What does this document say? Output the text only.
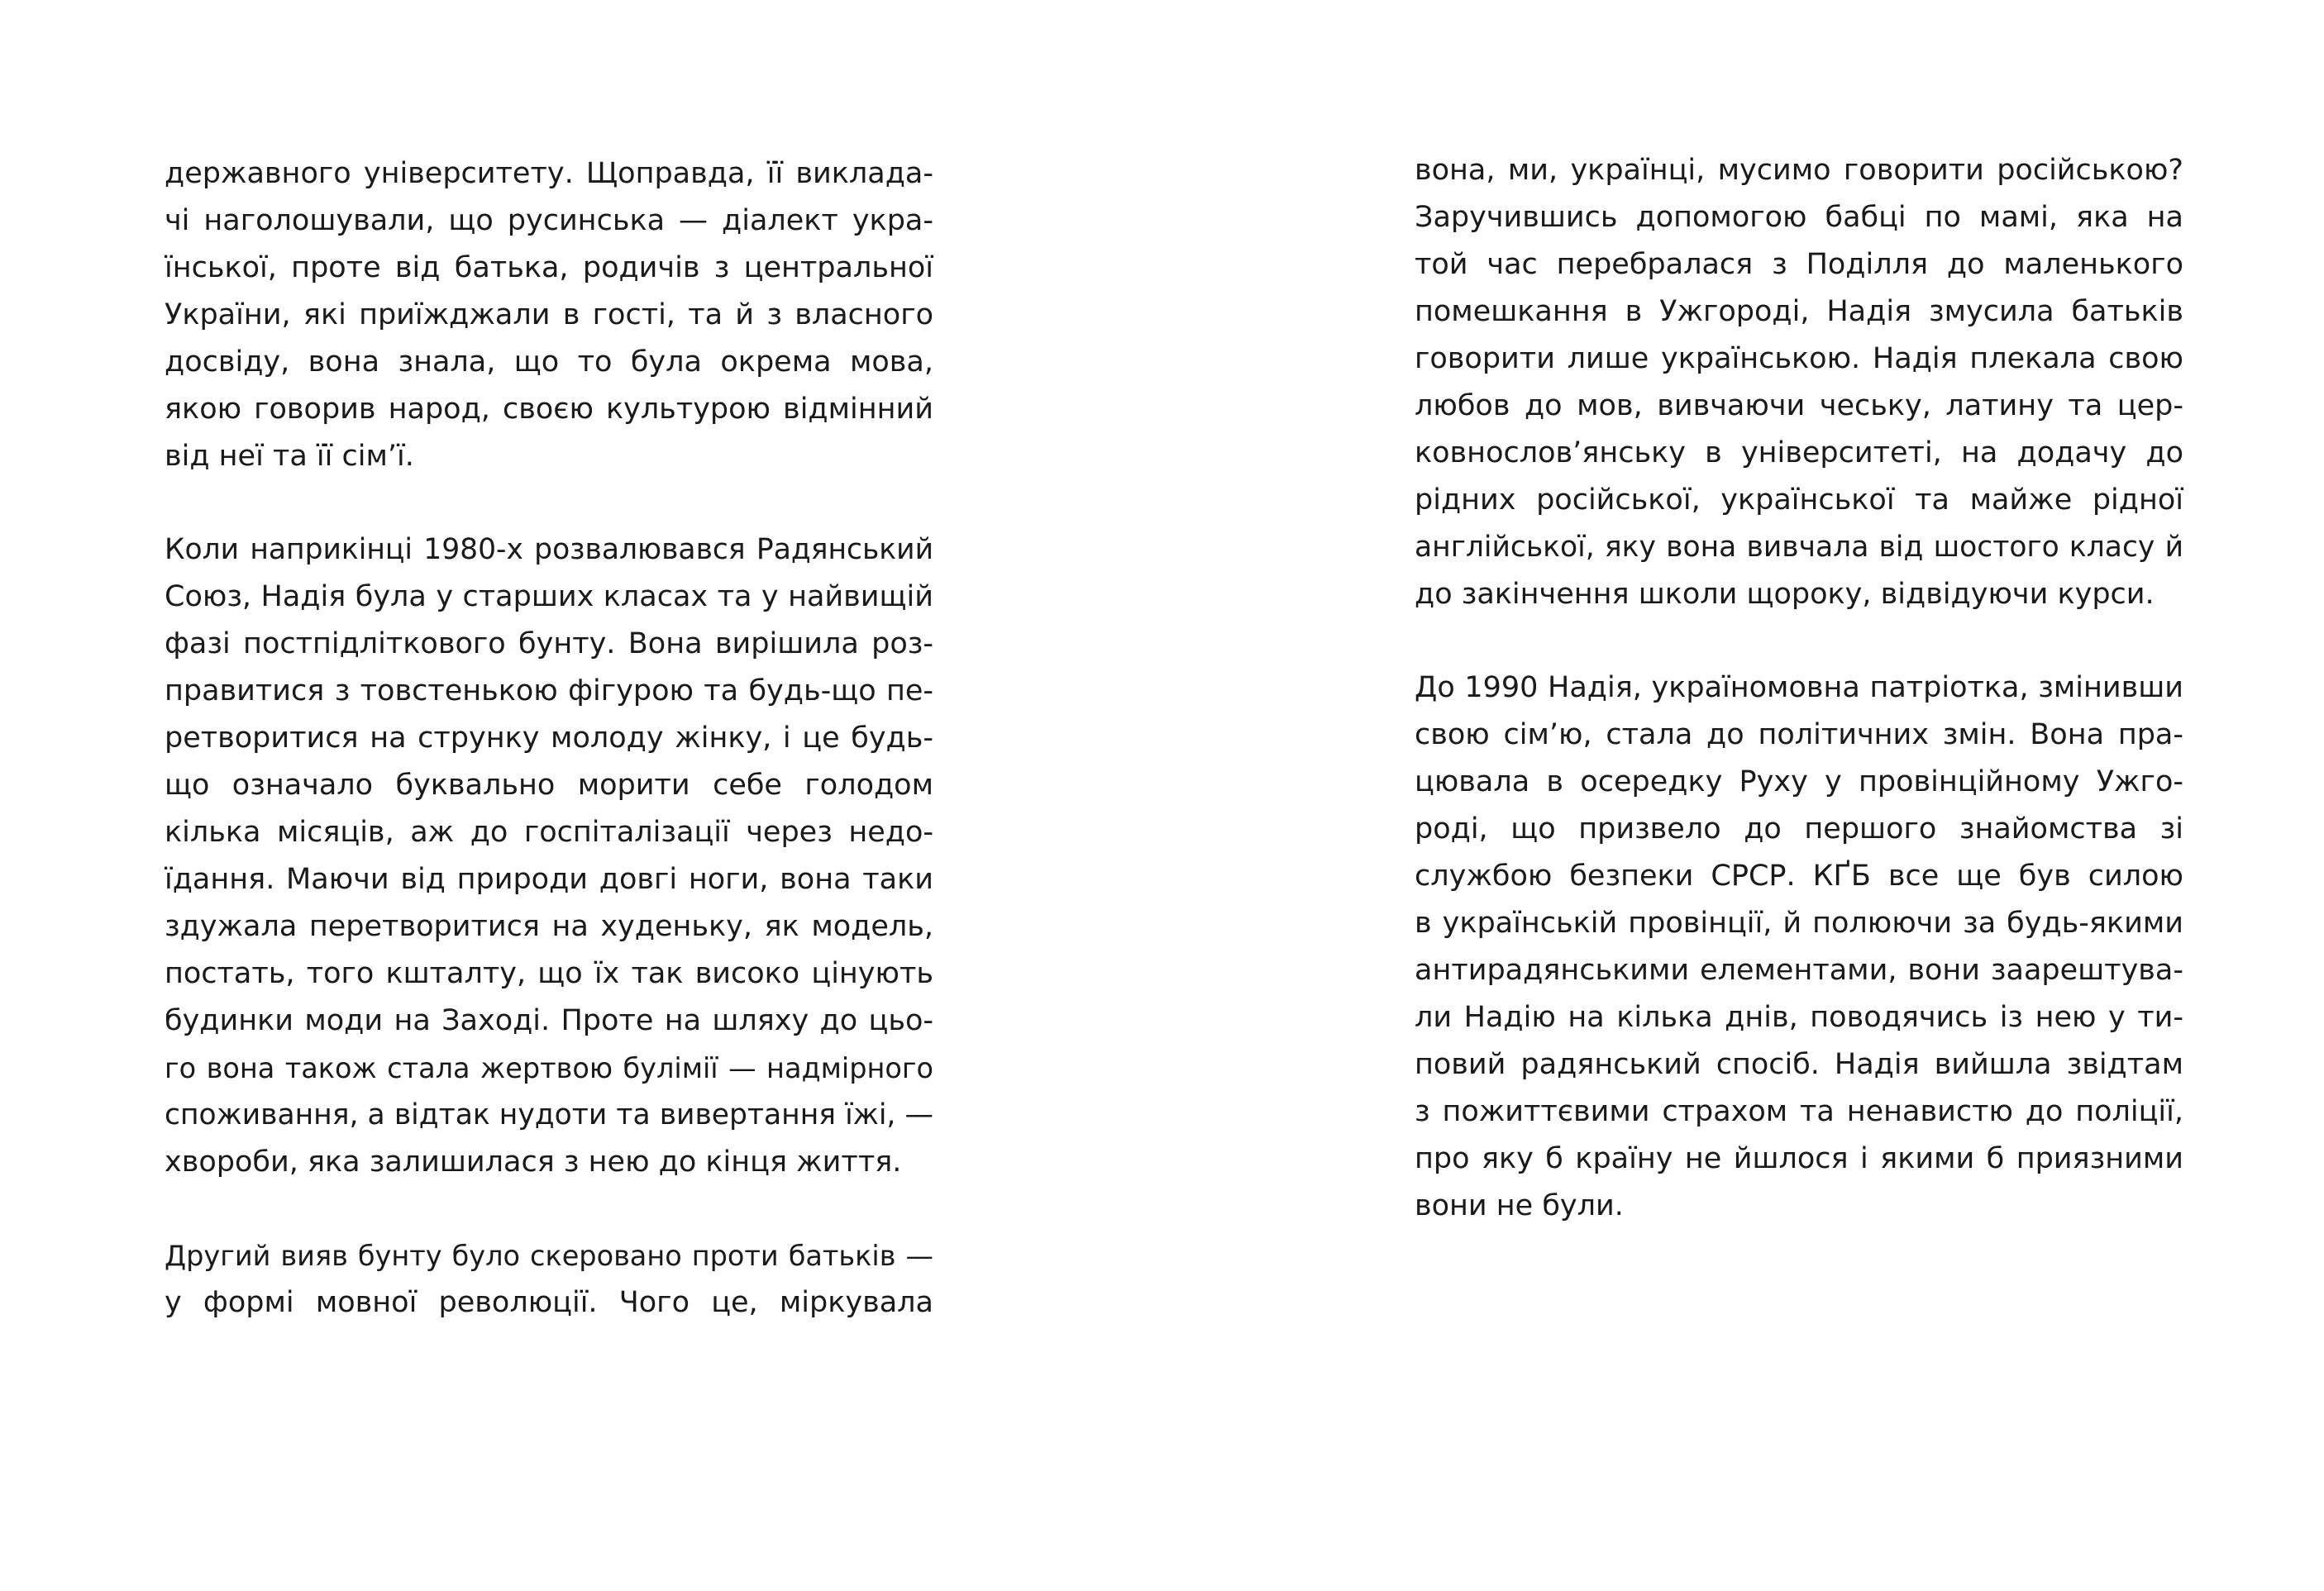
державного університету. Щоправда, її виклада-
чі наголошували, що русинська — діалект укра-
їнської, проте від батька, родичів з центральної
України, які приїжджали в гості, та й з власного
досвіду, вона знала, що то була окрема мова,
якою говорив народ, своєю культурою відмінний
від неї та її сім’ї.
Коли наприкінці 1980-х розвалювався Радянський
Союз, Надія була у старших класах та у найвищій
фазі постпідліткового бунту. Вона вирішила роз-
правитися з товстенькою фігурою та будь-що пе-
ретворитися на струнку молоду жінку, і це будь-
що означало буквально морити себе голодом
кілька місяців, аж до госпіталізації через недо-
їдання. Маючи від природи довгі ноги, вона таки
здужала перетворитися на худеньку, як модель,
постать, того кшталту, що їх так високо цінують
будинки моди на Заході. Проте на шляху до цьо-
го вона також стала жертвою булімії — надмірного
споживання, а відтак нудоти та вивертання їжі, —
хвороби, яка залишилася з нею до кінця життя.
Другий вияв бунту було скеровано проти батьків —
у формі мовної революції. Чого це, міркувала
вона, ми, українці, мусимо говорити російською?
Заручившись допомогою бабці по мамі, яка на
той час перебралася з Поділля до маленького
помешкання в Ужгороді, Надія змусила батьків
говорити лише українською. Надія плекала свою
любов до мов, вивчаючи чеську, латину та цер-
ковнослов’янську в університеті, на додачу до
рідних російської, української та майже рідної
англійської, яку вона вивчала від шостого класу й
до закінчення школи щороку, відвідуючи курси.
До 1990 Надія, україномовна патріотка, змінивши
свою сім’ю, стала до політичних змін. Вона пра-
цювала в осередку Руху у провінційному Ужго-
роді, що призвело до першого знайомства зі
службою безпеки СРСР. КҐБ все ще був силою
в українській провінції, й полюючи за будь-якими
антирадянськими елементами, вони заарештува-
ли Надію на кілька днів, поводячись із нею у ти-
повий радянський спосіб. Надія вийшла звідтам
з пожиттєвими страхом та ненавистю до поліції,
про яку б країну не йшлося і якими б приязними
вони не були.
